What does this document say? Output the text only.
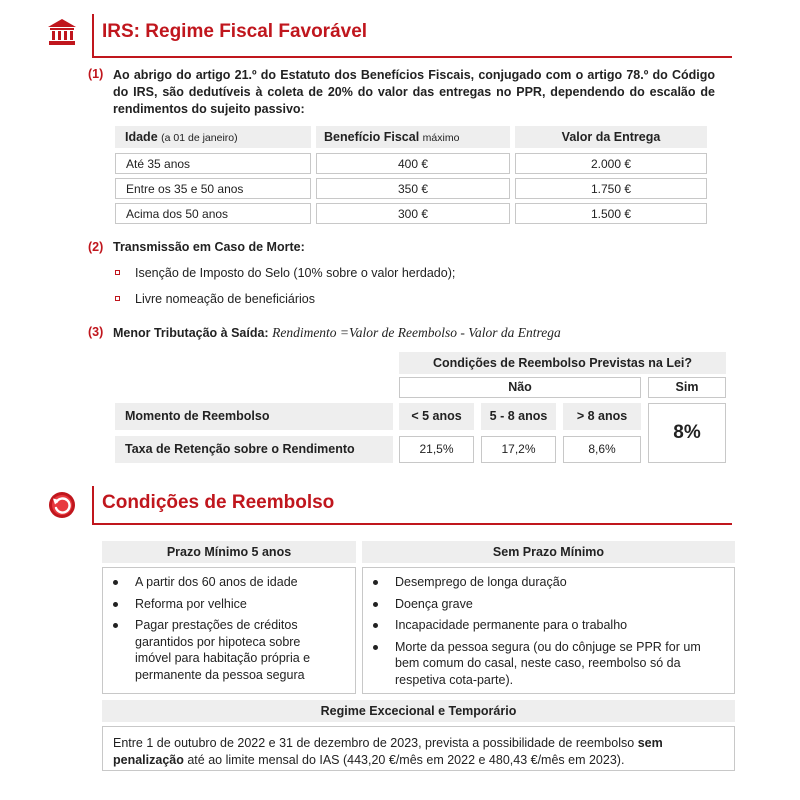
IRS: Regime Fiscal Favorável
(1) Ao abrigo do artigo 21.º do Estatuto dos Benefícios Fiscais, conjugado com o artigo 78.º do Código do IRS, são dedutíveis à coleta de 20% do valor das entregas no PPR, dependendo do escalão de rendimentos do sujeito passivo:
Idade (a 01 de janeiro)	Benefício Fiscal máximo	Valor da Entrega
Até 35 anos	400 €	2.000 €
Entre os 35 e 50 anos	350 €	1.750 €
Acima dos 50 anos	300 €	1.500 €
(2) Transmissão em Caso de Morte:
Isenção de Imposto do Selo (10% sobre o valor herdado);
Livre nomeação de beneficiários
(3) Menor Tributação à Saída: Rendimento =Valor de Reembolso - Valor da Entrega
Condições de Reembolso Previstas na Lei?
Não	Sim
Momento de Reembolso	< 5 anos	5 - 8 anos	> 8 anos
8%
Taxa de Retenção sobre o Rendimento	21,5%	17,2%	8,6%
Condições de Reembolso
Prazo Mínimo 5 anos	Sem Prazo Mínimo
A partir dos 60 anos de idade
Reforma por velhice
Pagar prestações de créditos garantidos por hipoteca sobre imóvel para habitação própria e permanente da pessoa segura
Desemprego de longa duração
Doença grave
Incapacidade permanente para o trabalho
Morte da pessoa segura (ou do cônjuge se PPR for um bem comum do casal, neste caso, reembolso só da respetiva cota-parte).
Regime Excecional e Temporário
Entre 1 de outubro de 2022 e 31 de dezembro de 2023, prevista a possibilidade de reembolso sem penalização até ao limite mensal do IAS (443,20 €/mês em 2022 e 480,43 €/mês em 2023).
